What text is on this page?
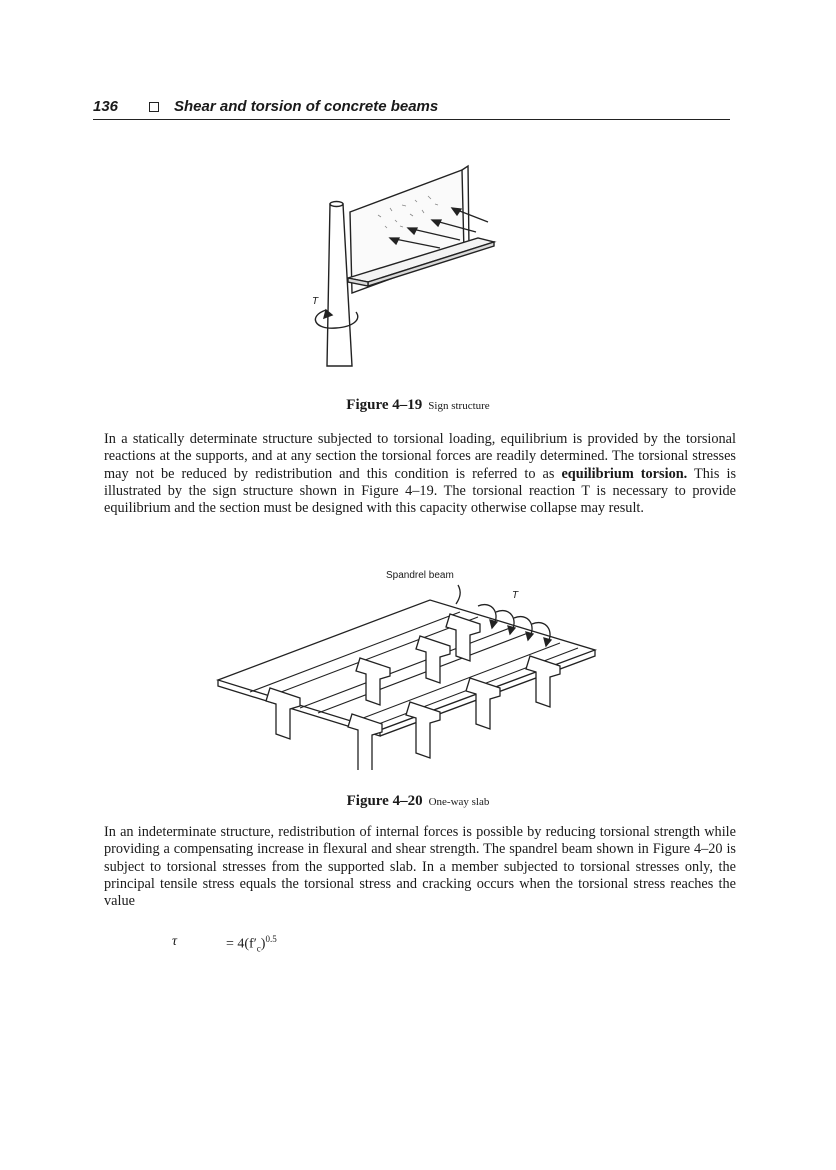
136	Shear and torsion of concrete beams
T
Figure 4–19 Sign structure

In a statically determinate structure subjected to torsional loading, equilibrium is provided by the torsional reactions at the supports, and at any section the torsional forces are readily determined. The torsional stresses may not be reduced by redistribution and this condition is referred to as equilibrium torsion. This is illustrated by the sign structure shown in Figure 4–19. The torsional reaction T is necessary to provide equilibrium and the section must be designed with this capacity otherwise collapse may result.

Spandrel beam
T
Figure 4–20 One-way slab

In an indeterminate structure, redistribution of internal forces is possible by reducing torsional strength while providing a compensating increase in flexural and shear strength. The spandrel beam shown in Figure 4–20 is subject to torsional stresses from the supported slab. In a member subjected to torsional stresses only, the principal tensile stress equals the torsional stress and cracking occurs when the torsional stress reaches the value

τ	= $4(f'_c)^{0.5}$
